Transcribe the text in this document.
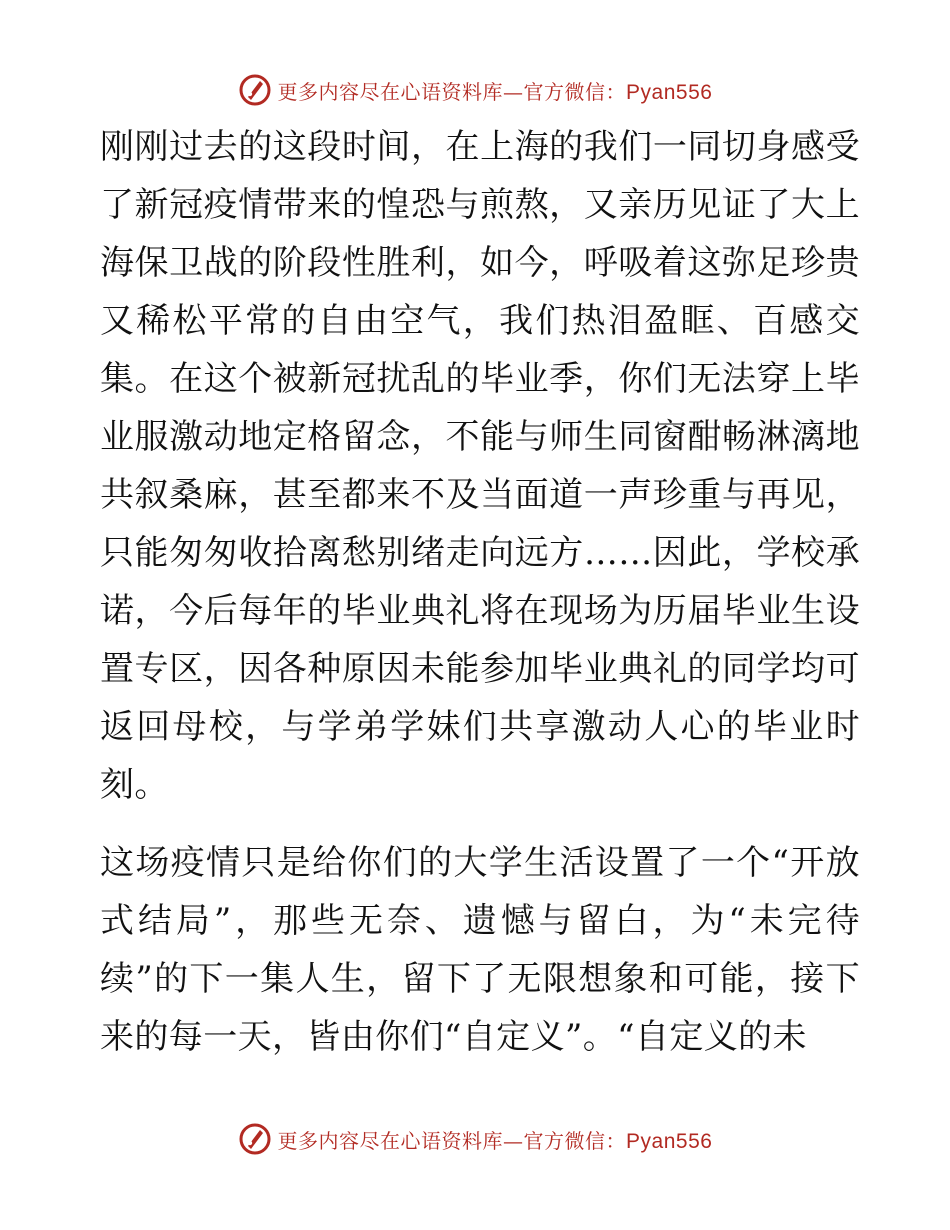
更多内容尽在心语资料库—官方微信：Pyan556

刚刚过去的这段时间，在上海的我们一同切身感受了新冠疫情带来的惶恐与煎熬，又亲历见证了大上海保卫战的阶段性胜利，如今，呼吸着这弥足珍贵又稀松平常的自由空气，我们热泪盈眶、百感交集。在这个被新冠扰乱的毕业季，你们无法穿上毕业服激动地定格留念，不能与师生同窗酣畅淋漓地共叙桑麻，甚至都来不及当面道一声珍重与再见，只能匆匆收拾离愁别绪走向远方……因此，学校承诺，今后每年的毕业典礼将在现场为历届毕业生设置专区，因各种原因未能参加毕业典礼的同学均可返回母校，与学弟学妹们共享激动人心的毕业时刻。

这场疫情只是给你们的大学生活设置了一个“开放式结局”，那些无奈、遗憾与留白，为“未完待续”的下一集人生，留下了无限想象和可能，接下来的每一天，皆由你们“自定义”。“自定义的未

更多内容尽在心语资料库—官方微信：Pyan556
